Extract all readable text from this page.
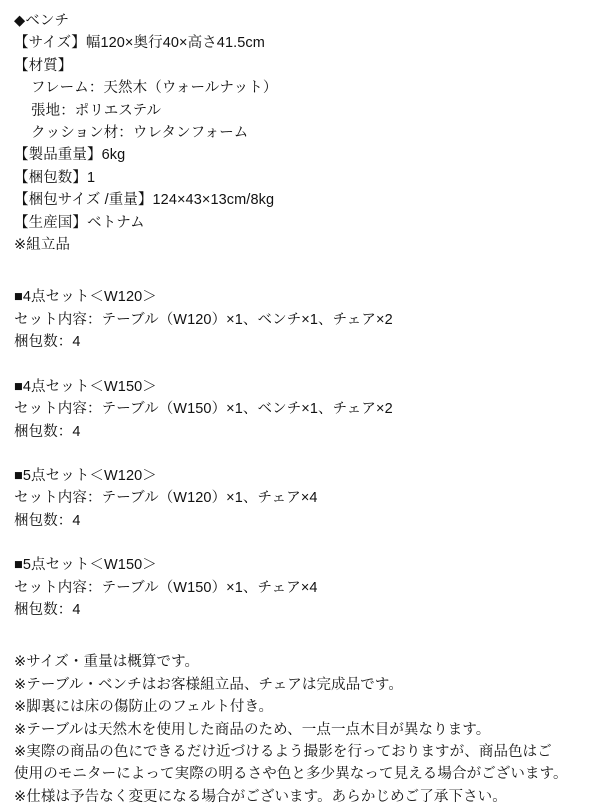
◆ベンチ
【サイズ】幅120×奥行40×高さ41.5cm
【材質】
フレーム：天然木（ウォールナット）
張地：ポリエステル
クッション材：ウレタンフォーム
【製品重量】6kg
【梱包数】1
【梱包サイズ /重量】124×43×13cm/8kg
【生産国】ベトナム
※組立品
■4点セット＜W120＞
セット内容：テーブル（W120）×1、ベンチ×1、チェア×2
梱包数：4
■4点セット＜W150＞
セット内容：テーブル（W150）×1、ベンチ×1、チェア×2
梱包数：4
■5点セット＜W120＞
セット内容：テーブル（W120）×1、チェア×4
梱包数：4
■5点セット＜W150＞
セット内容：テーブル（W150）×1、チェア×4
梱包数：4
※サイズ・重量は概算です。
※テーブル・ベンチはお客様組立品、チェアは完成品です。
※脚裏には床の傷防止のフェルト付き。
※テーブルは天然木を使用した商品のため、一点一点木目が異なります。
※実際の商品の色にできるだけ近づけるよう撮影を行っておりますが、商品色はご
使用のモニターによって実際の明るさや色と多少異なって見える場合がございます。
※仕様は予告なく変更になる場合がございます。あらかじめご了承下さい。
